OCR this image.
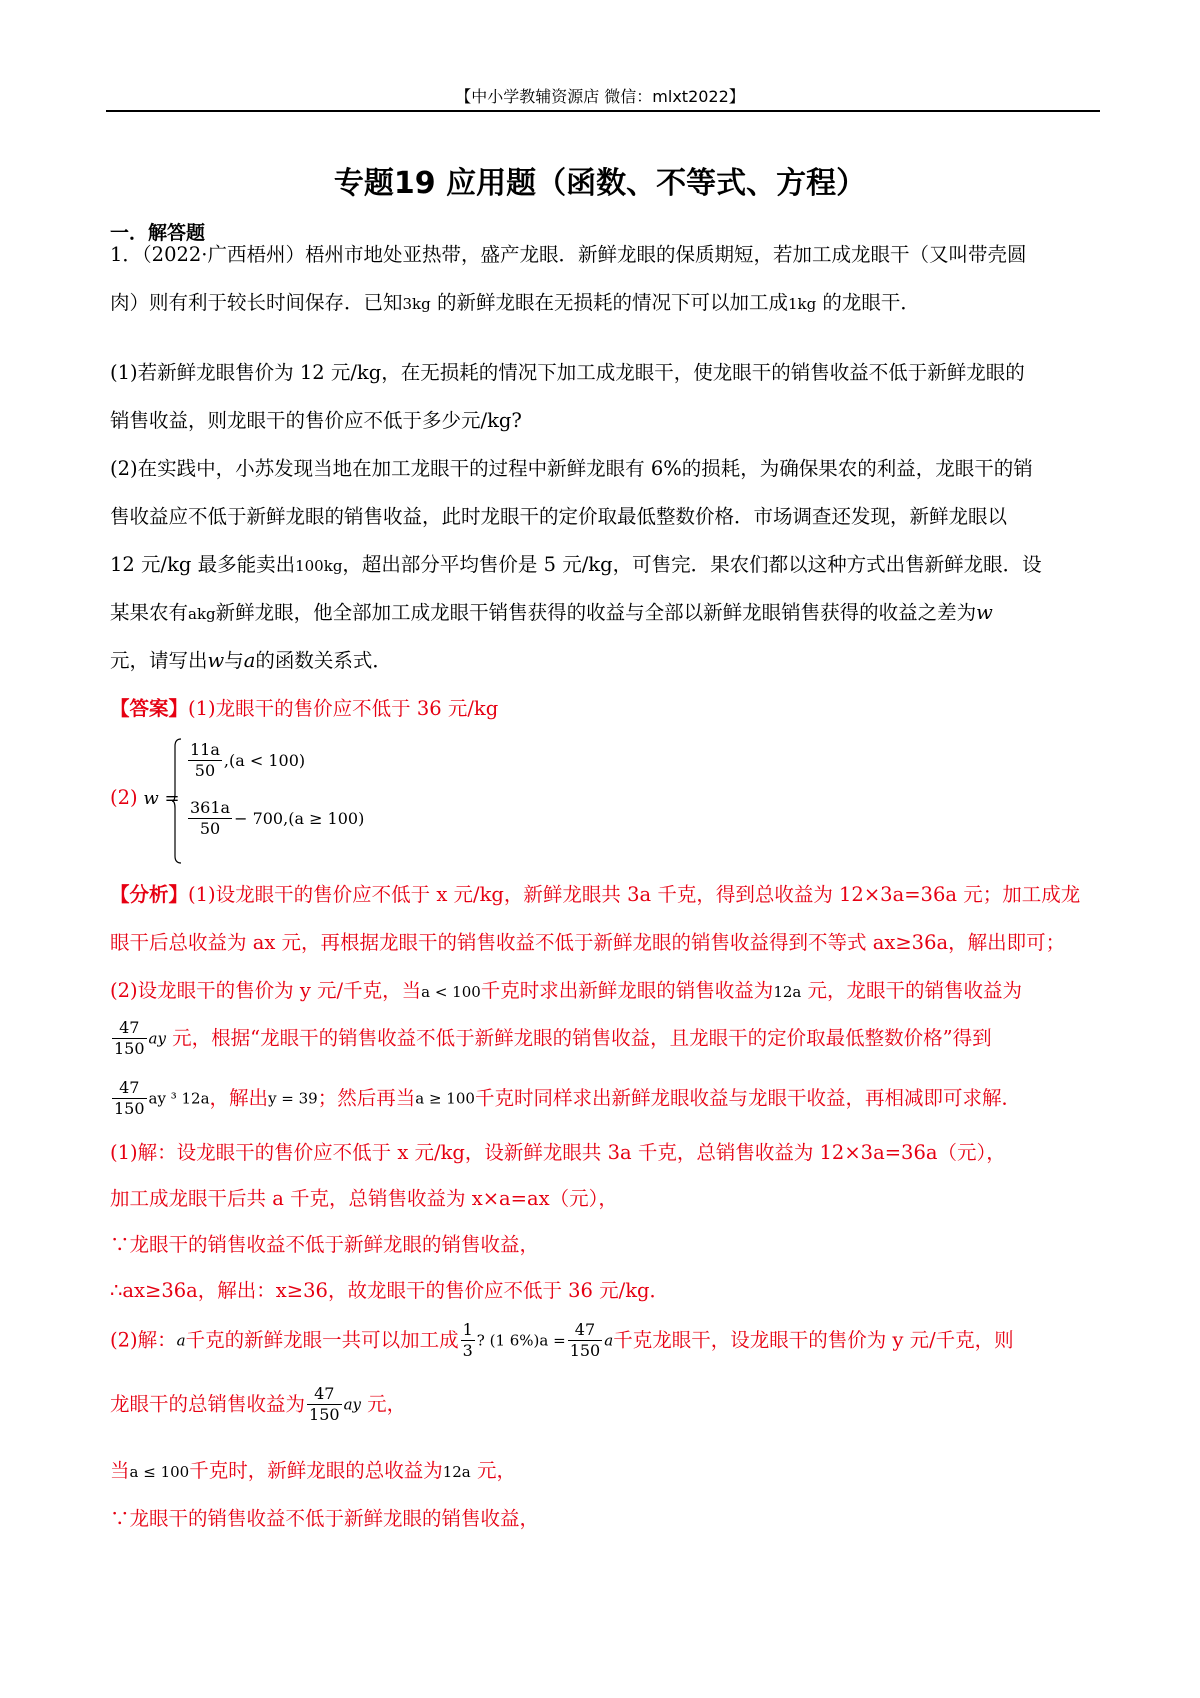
【中小学教辅资源店 微信：mlxt2022】
专题19 应用题（函数、不等式、方程）
一．解答题
1．（2022·广西梧州）梧州市地处亚热带，盛产龙眼．新鲜龙眼的保质期短，若加工成龙眼干（又叫带壳圆
肉）则有利于较长时间保存．已知3kg 的新鲜龙眼在无损耗的情况下可以加工成1kg 的龙眼干．
(1)若新鲜龙眼售价为 12 元/kg，在无损耗的情况下加工成龙眼干，使龙眼干的销售收益不低于新鲜龙眼的
销售收益，则龙眼干的售价应不低于多少元/kg?
(2)在实践中，小苏发现当地在加工龙眼干的过程中新鲜龙眼有 6%的损耗，为确保果农的利益，龙眼干的销
售收益应不低于新鲜龙眼的销售收益，此时龙眼干的定价取最低整数价格．市场调查还发现，新鲜龙眼以
12 元/kg 最多能卖出100kg，超出部分平均售价是 5 元/kg，可售完．果农们都以这种方式出售新鲜龙眼．设
某果农有akg新鲜龙眼，他全部加工成龙眼干销售获得的收益与全部以新鲜龙眼销售获得的收益之差为w
元，请写出w与a的函数关系式．
【答案】(1)龙眼干的售价应不低于 36 元/kg
(2) w =
$\frac{11a}{50} ,(a < 100)$
$\frac{361a}{50} - 700,(a \ge 100)$
【分析】(1)设龙眼干的售价应不低于 x 元/kg，新鲜龙眼共 3a 千克，得到总收益为 12×3a=36a 元；加工成龙
眼干后总收益为 ax 元，再根据龙眼干的销售收益不低于新鲜龙眼的销售收益得到不等式 ax≥36a，解出即可；
(2)设龙眼干的售价为 y 元/千克，当a < 100千克时求出新鲜龙眼的销售收益为12a 元，龙眼干的销售收益为
$\frac{47}{150}$ ay 元，根据“龙眼干的销售收益不低于新鲜龙眼的销售收益，且龙眼干的定价取最低整数价格”得到
$\frac{47}{150}$ ay ³ 12a，解出y = 39；然后再当a ≥ 100千克时同样求出新鲜龙眼收益与龙眼干收益，再相减即可求解．
(1)解：设龙眼干的售价应不低于 x 元/kg，设新鲜龙眼共 3a 千克，总销售收益为 12×3a=36a（元），
加工成龙眼干后共 a 千克，总销售收益为 x×a=ax（元），
∵龙眼干的销售收益不低于新鲜龙眼的销售收益，
∴ax≥36a，解出：x≥36，故龙眼干的售价应不低于 36 元/kg．
(2)解：a千克的新鲜龙眼一共可以加工成 $\frac{1}{3}$ ? (1 $6\%)a = \frac{47}{150}$ a千克龙眼干，设龙眼干的售价为 y 元/千克，则
龙眼干的总销售收益为 $\frac{47}{150}$ ay 元，
当a ≤ 100千克时，新鲜龙眼的总收益为12a 元，
∵龙眼干的销售收益不低于新鲜龙眼的销售收益，
